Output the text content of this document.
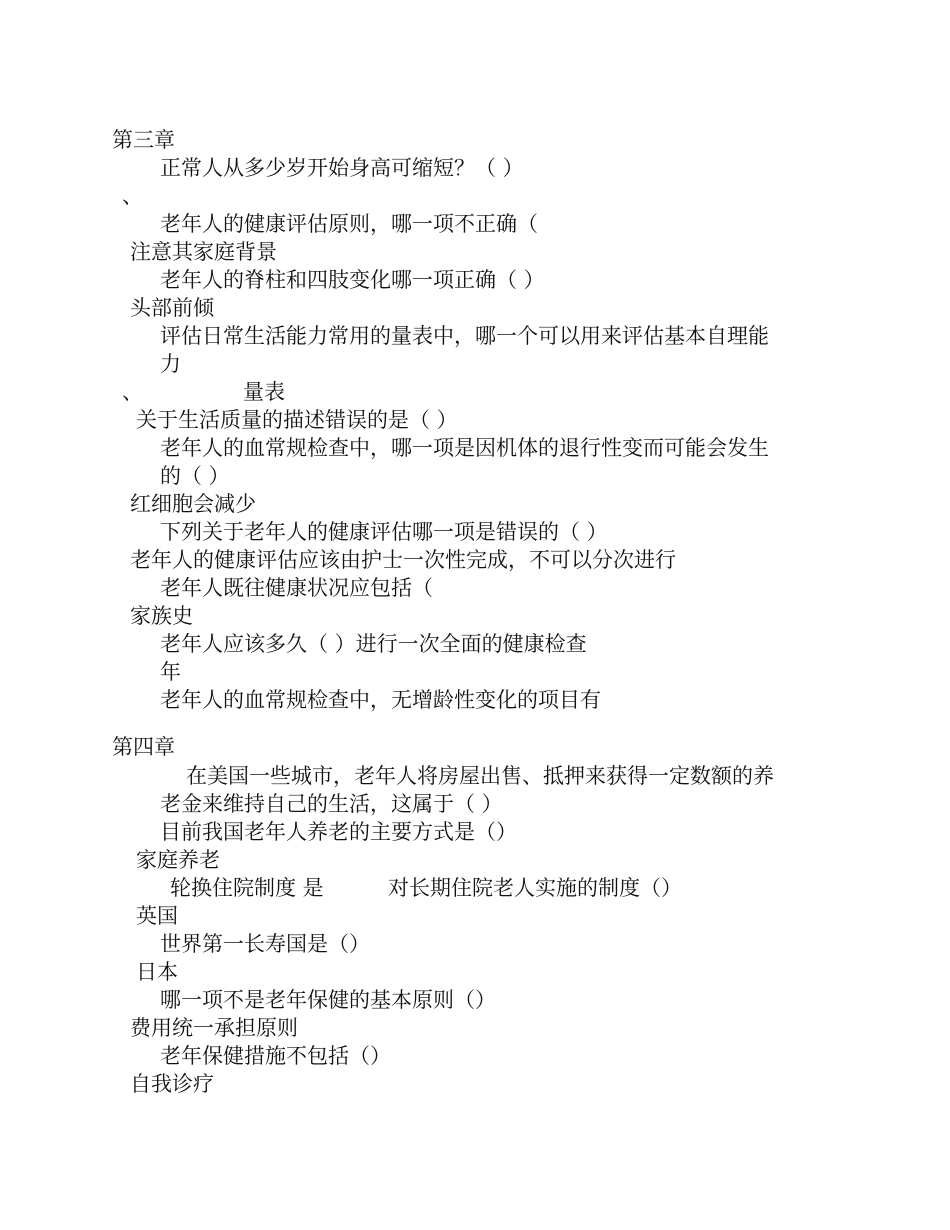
第三章
正常人从多少岁开始身高可缩短？（ ）
、
老年人的健康评估原则，哪一项不正确（
注意其家庭背景
老年人的脊柱和四肢变化哪一项正确（ ）
头部前倾
评估日常生活能力常用的量表中，哪一个可以用来评估基本自理能
力
、	量表
关于生活质量的描述错误的是（ ）
老年人的血常规检查中，哪一项是因机体的退行性变而可能会发生
的（ ）
红细胞会减少
下列关于老年人的健康评估哪一项是错误的（ ）
老年人的健康评估应该由护士一次性完成，不可以分次进行
老年人既往健康状况应包括（
家族史
老年人应该多久（ ）进行一次全面的健康检查
年
老年人的血常规检查中，无增龄性变化的项目有
第四章
在美国一些城市，老年人将房屋出售、抵押来获得一定数额的养
老金来维持自己的生活，这属于（ ）
目前我国老年人养老的主要方式是（）
家庭养老
轮换住院制度 是	对长期住院老人实施的制度（）
英国
世界第一长寿国是（）
日本
哪一项不是老年保健的基本原则（）
费用统一承担原则
老年保健措施不包括（）
自我诊疗
